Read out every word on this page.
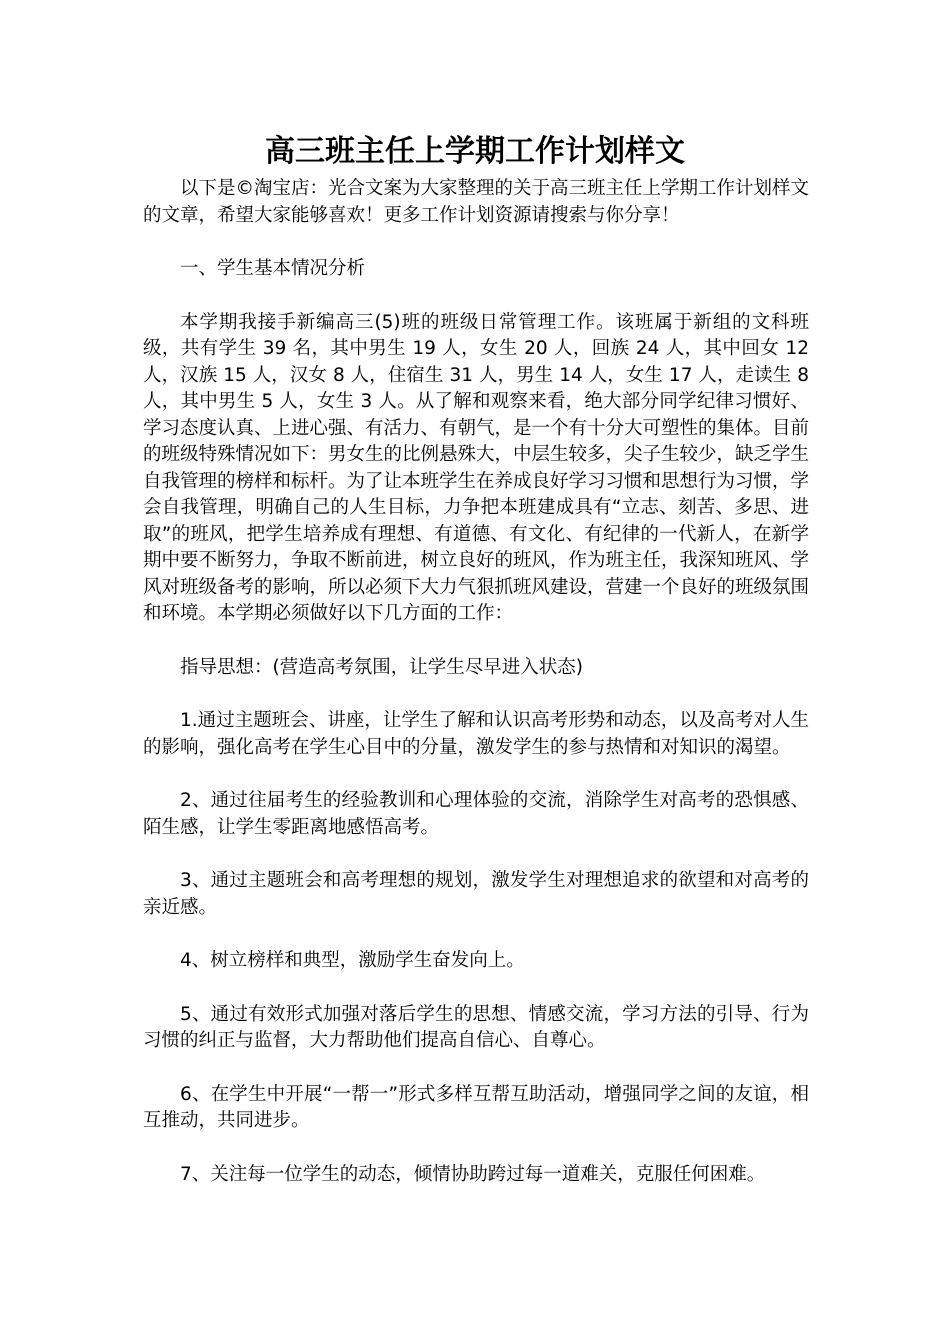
高三班主任上学期工作计划样文

以下是©淘宝店：光合文案为大家整理的关于高三班主任上学期工作计划样文的文章，希望大家能够喜欢！更多工作计划资源请搜索与你分享！

一、学生基本情况分析

本学期我接手新编高三(5)班的班级日常管理工作。该班属于新组的文科班级，共有学生 39 名，其中男生 19 人，女生 20 人，回族 24 人，其中回女 12 人，汉族 15 人，汉女 8 人，住宿生 31 人，男生 14 人，女生 17 人，走读生 8 人，其中男生 5 人，女生 3 人。从了解和观察来看，绝大部分同学纪律习惯好、学习态度认真、上进心强、有活力、有朝气，是一个有十分大可塑性的集体。目前的班级特殊情况如下：男女生的比例悬殊大，中层生较多，尖子生较少，缺乏学生自我管理的榜样和标杆。为了让本班学生在养成良好学习习惯和思想行为习惯，学会自我管理，明确自己的人生目标，力争把本班建成具有“立志、刻苦、多思、进取”的班风，把学生培养成有理想、有道德、有文化、有纪律的一代新人，在新学期中要不断努力，争取不断前进，树立良好的班风，作为班主任，我深知班风、学风对班级备考的影响，所以必须下大力气狠抓班风建设，营建一个良好的班级氛围和环境。本学期必须做好以下几方面的工作：

指导思想：(营造高考氛围，让学生尽早进入状态)

1.通过主题班会、讲座，让学生了解和认识高考形势和动态，以及高考对人生的影响，强化高考在学生心目中的分量，激发学生的参与热情和对知识的渴望。

2、通过往届考生的经验教训和心理体验的交流，消除学生对高考的恐惧感、陌生感，让学生零距离地感悟高考。

3、通过主题班会和高考理想的规划，激发学生对理想追求的欲望和对高考的亲近感。

4、树立榜样和典型，激励学生奋发向上。

5、通过有效形式加强对落后学生的思想、情感交流，学习方法的引导、行为习惯的纠正与监督，大力帮助他们提高自信心、自尊心。

6、在学生中开展“一帮一”形式多样互帮互助活动，增强同学之间的友谊，相互推动，共同进步。

7、关注每一位学生的动态，倾情协助跨过每一道难关，克服任何困难。
